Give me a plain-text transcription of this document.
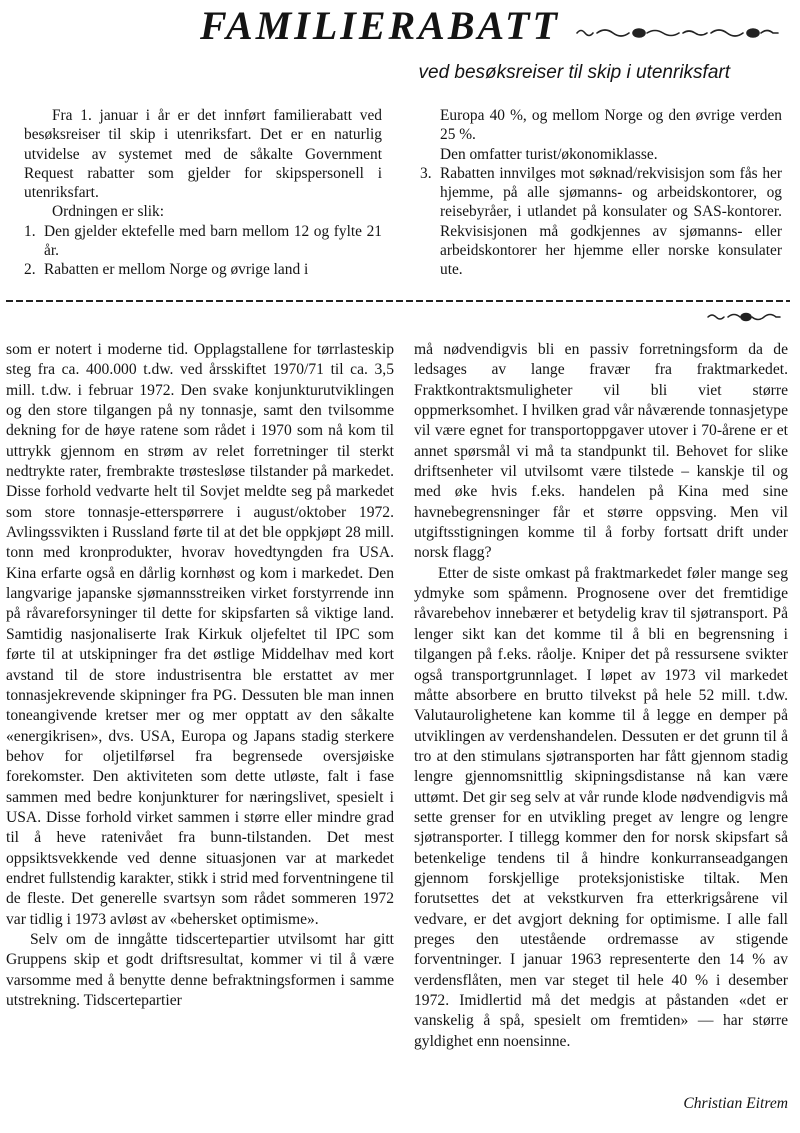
FAMILIERABATT

ved besøksreiser til skip i utenriksfart

Fra 1. januar i år er det innført familierabatt ved besøksreiser til skip i utenriksfart. Det er en naturlig utvidelse av systemet med de såkalte Government Request rabatter som gjelder for skipspersonell i utenriksfart.

Ordningen er slik:

1. Den gjelder ektefelle med barn mellom 12 og fylte 21 år.
2. Rabatten er mellom Norge og øvrige land i

Europa 40 %, og mellom Norge og den øvrige verden 25 %.

Den omfatter turist/økonomiklasse.

3. Rabatten innvilges mot søknad/rekvisisjon som fås her hjemme, på alle sjømanns- og arbeidskontorer, og reisebyråer, i utlandet på konsulater og SAS-kontorer. Rekvisisjonen må godkjennes av sjømanns- eller arbeidskontorer her hjemme eller norske konsulater ute.

som er notert i moderne tid. Opplagstallene for tørrlasteskip steg fra ca. 400.000 t.dw. ved årsskiftet 1970/71 til ca. 3,5 mill. t.dw. i februar 1972. Den svake konjunkturutviklingen og den store tilgangen på ny tonnasje, samt den tvilsomme dekning for de høye ratene som rådet i 1970 som nå kom til uttrykk gjennom en strøm av relet forretninger til sterkt nedtrykte rater, frembrakte trøstesløse tilstander på markedet. Disse forhold vedvarte helt til Sovjet meldte seg på markedet som store tonnasje-etterspørrere i august/oktober 1972. Avlingssvikten i Russland førte til at det ble oppkjøpt 28 mill. tonn med kronprodukter, hvorav hovedtyngden fra USA. Kina erfarte også en dårlig kornhøst og kom i markedet. Den langvarige japanske sjømannsstreiken virket forstyrrende inn på råvareforsyninger til dette for skipsfarten så viktige land. Samtidig nasjonaliserte Irak Kirkuk oljefeltet til IPC som førte til at utskipninger fra det østlige Middelhav med kort avstand til de store industrisentra ble erstattet av mer tonnasjekrevende skipninger fra PG. Dessuten ble man innen toneangivende kretser mer og mer opptatt av den såkalte «energikrisen», dvs. USA, Europa og Japans stadig sterkere behov for oljetilførsel fra begrensede oversjøiske forekomster. Den aktiviteten som dette utløste, falt i fase sammen med bedre konjunkturer for næringslivet, spesielt i USA. Disse forhold virket sammen i større eller mindre grad til å heve ratenivået fra bunn-tilstanden. Det mest oppsiktsvekkende ved denne situasjonen var at markedet endret fullstendig karakter, stikk i strid med forventningene til de fleste. Det generelle svartsyn som rådet sommeren 1972 var tidlig i 1973 avløst av «behersket optimisme».

Selv om de inngåtte tidscertepartier utvilsomt har gitt Gruppens skip et godt driftsresultat, kommer vi til å være varsomme med å benytte denne befraktningsformen i samme utstrekning. Tidscertepartier

må nødvendigvis bli en passiv forretningsform da de ledsages av lange fravær fra fraktmarkedet. Fraktkontraktsmuligheter vil bli viet større oppmerksomhet. I hvilken grad vår nåværende tonnasjetype vil være egnet for transportoppgaver utover i 70-årene er et annet spørsmål vi må ta standpunkt til. Behovet for slike driftsenheter vil utvilsomt være tilstede – kanskje til og med øke hvis f.eks. handelen på Kina med sine havnebegrensninger får et større oppsving. Men vil utgiftsstigningen komme til å forby fortsatt drift under norsk flagg?

Etter de siste omkast på fraktmarkedet føler mange seg ydmyke som spåmenn. Prognosene over det fremtidige råvarebehov innebærer et betydelig krav til sjøtransport. På lenger sikt kan det komme til å bli en begrensning i tilgangen på f.eks. råolje. Kniper det på ressursene svikter også transportgrunnlaget. I løpet av 1973 vil markedet måtte absorbere en brutto tilvekst på hele 52 mill. t.dw. Valutaurolighetene kan komme til å legge en demper på utviklingen av verdenshandelen. Dessuten er det grunn til å tro at den stimulans sjøtransporten har fått gjennom stadig lengre gjennomsnittlig skipningsdistanse nå kan være uttømt. Det gir seg selv at vår runde klode nødvendigvis må sette grenser for en utvikling preget av lengre og lengre sjøtransporter. I tillegg kommer den for norsk skipsfart så betenkelige tendens til å hindre konkurranseadgangen gjennom forskjellige proteksjonistiske tiltak. Men forutsettes det at vekstkurven fra etterkrigsårene vil vedvare, er det avgjort dekning for optimisme. I alle fall preges den utestående ordremasse av stigende forventninger. I januar 1963 representerte den 14 % av verdensflåten, men var steget til hele 40 % i desember 1972. Imidlertid må det medgis at påstanden «det er vanskelig å spå, spesielt om fremtiden» — har større gyldighet enn noensinne.

Christian Eitrem
